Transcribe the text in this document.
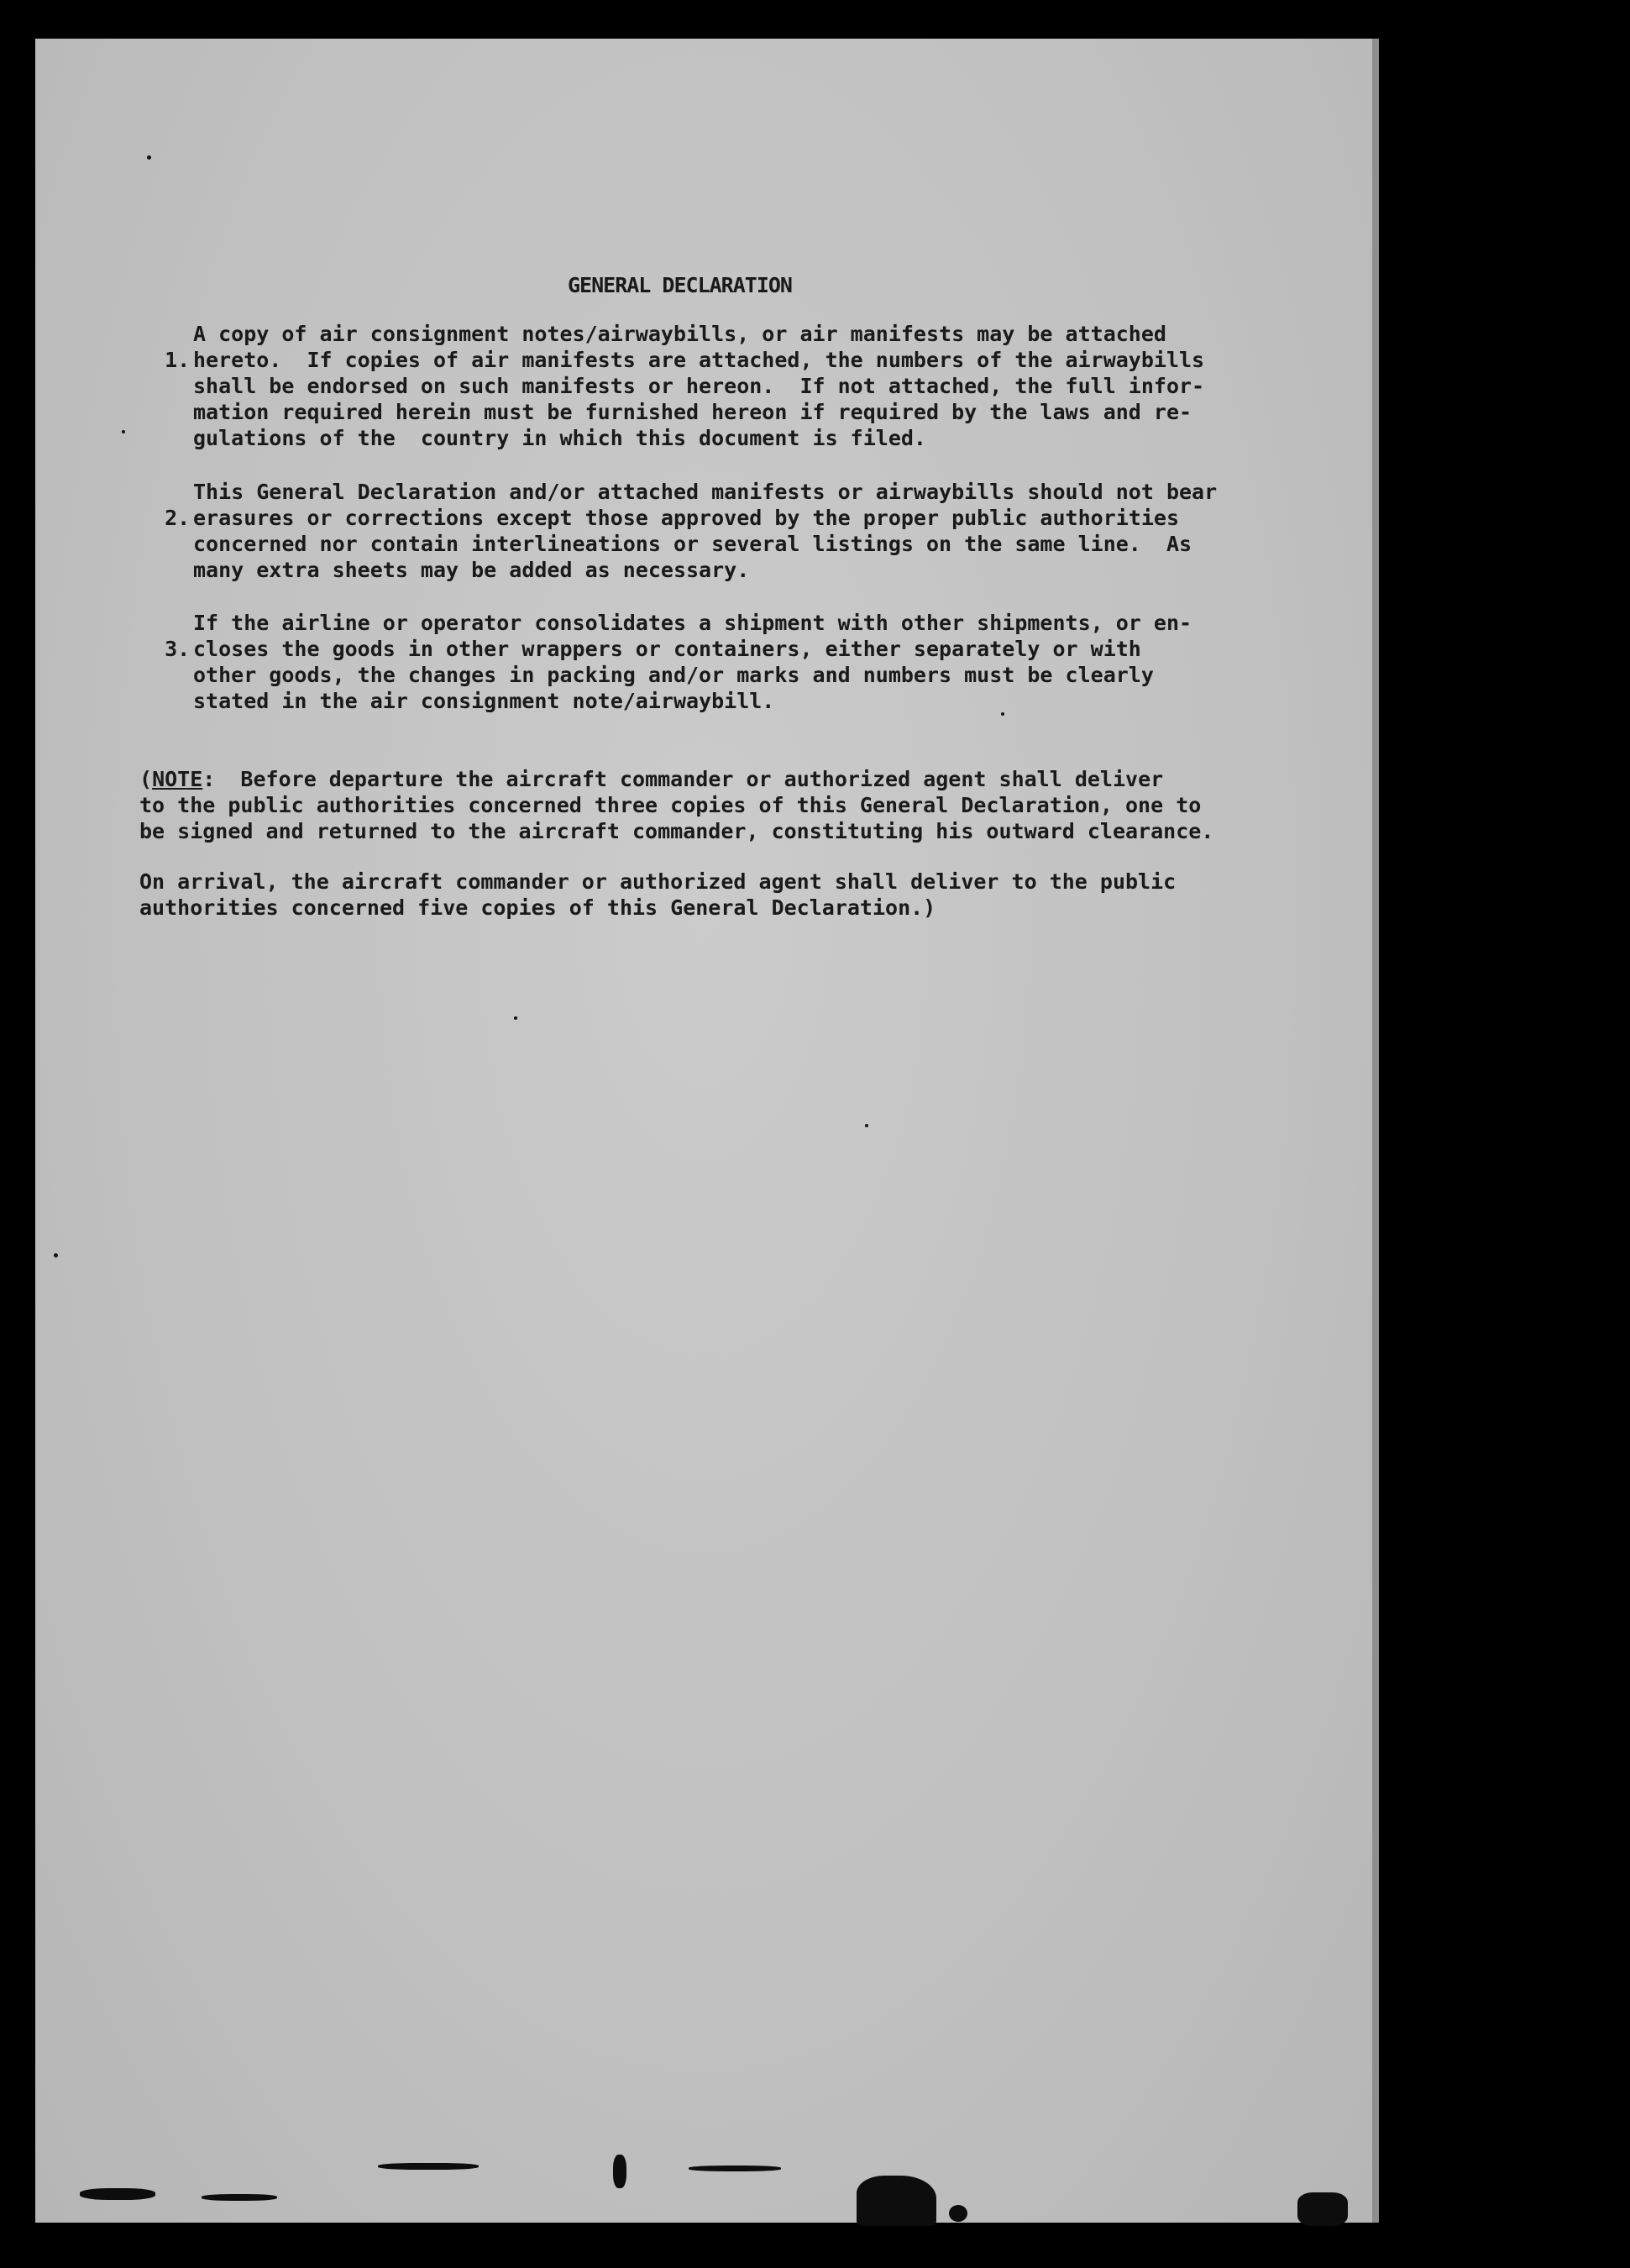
GENERAL DECLARATION

1.

A copy of air consignment notes/airwaybills, or air manifests may be attached
hereto.  If copies of air manifests are attached, the numbers of the airwaybills
shall be endorsed on such manifests or hereon.  If not attached, the full infor-
mation required herein must be furnished hereon if required by the laws and re-
gulations of the  country in which this document is filed.

2.

This General Declaration and/or attached manifests or airwaybills should not bear
erasures or corrections except those approved by the proper public authorities
concerned nor contain interlineations or several listings on the same line.  As
many extra sheets may be added as necessary.

3.

If the airline or operator consolidates a shipment with other shipments, or en-
closes the goods in other wrappers or containers, either separately or with
other goods, the changes in packing and/or marks and numbers must be clearly
stated in the air consignment note/airwaybill.
(NOTE:  Before departure the aircraft commander or authorized agent shall deliver
to the public authorities concerned three copies of this General Declaration, one to
be signed and returned to the aircraft commander, constituting his outward clearance.
On arrival, the aircraft commander or authorized agent shall deliver to the public
authorities concerned five copies of this General Declaration.)
